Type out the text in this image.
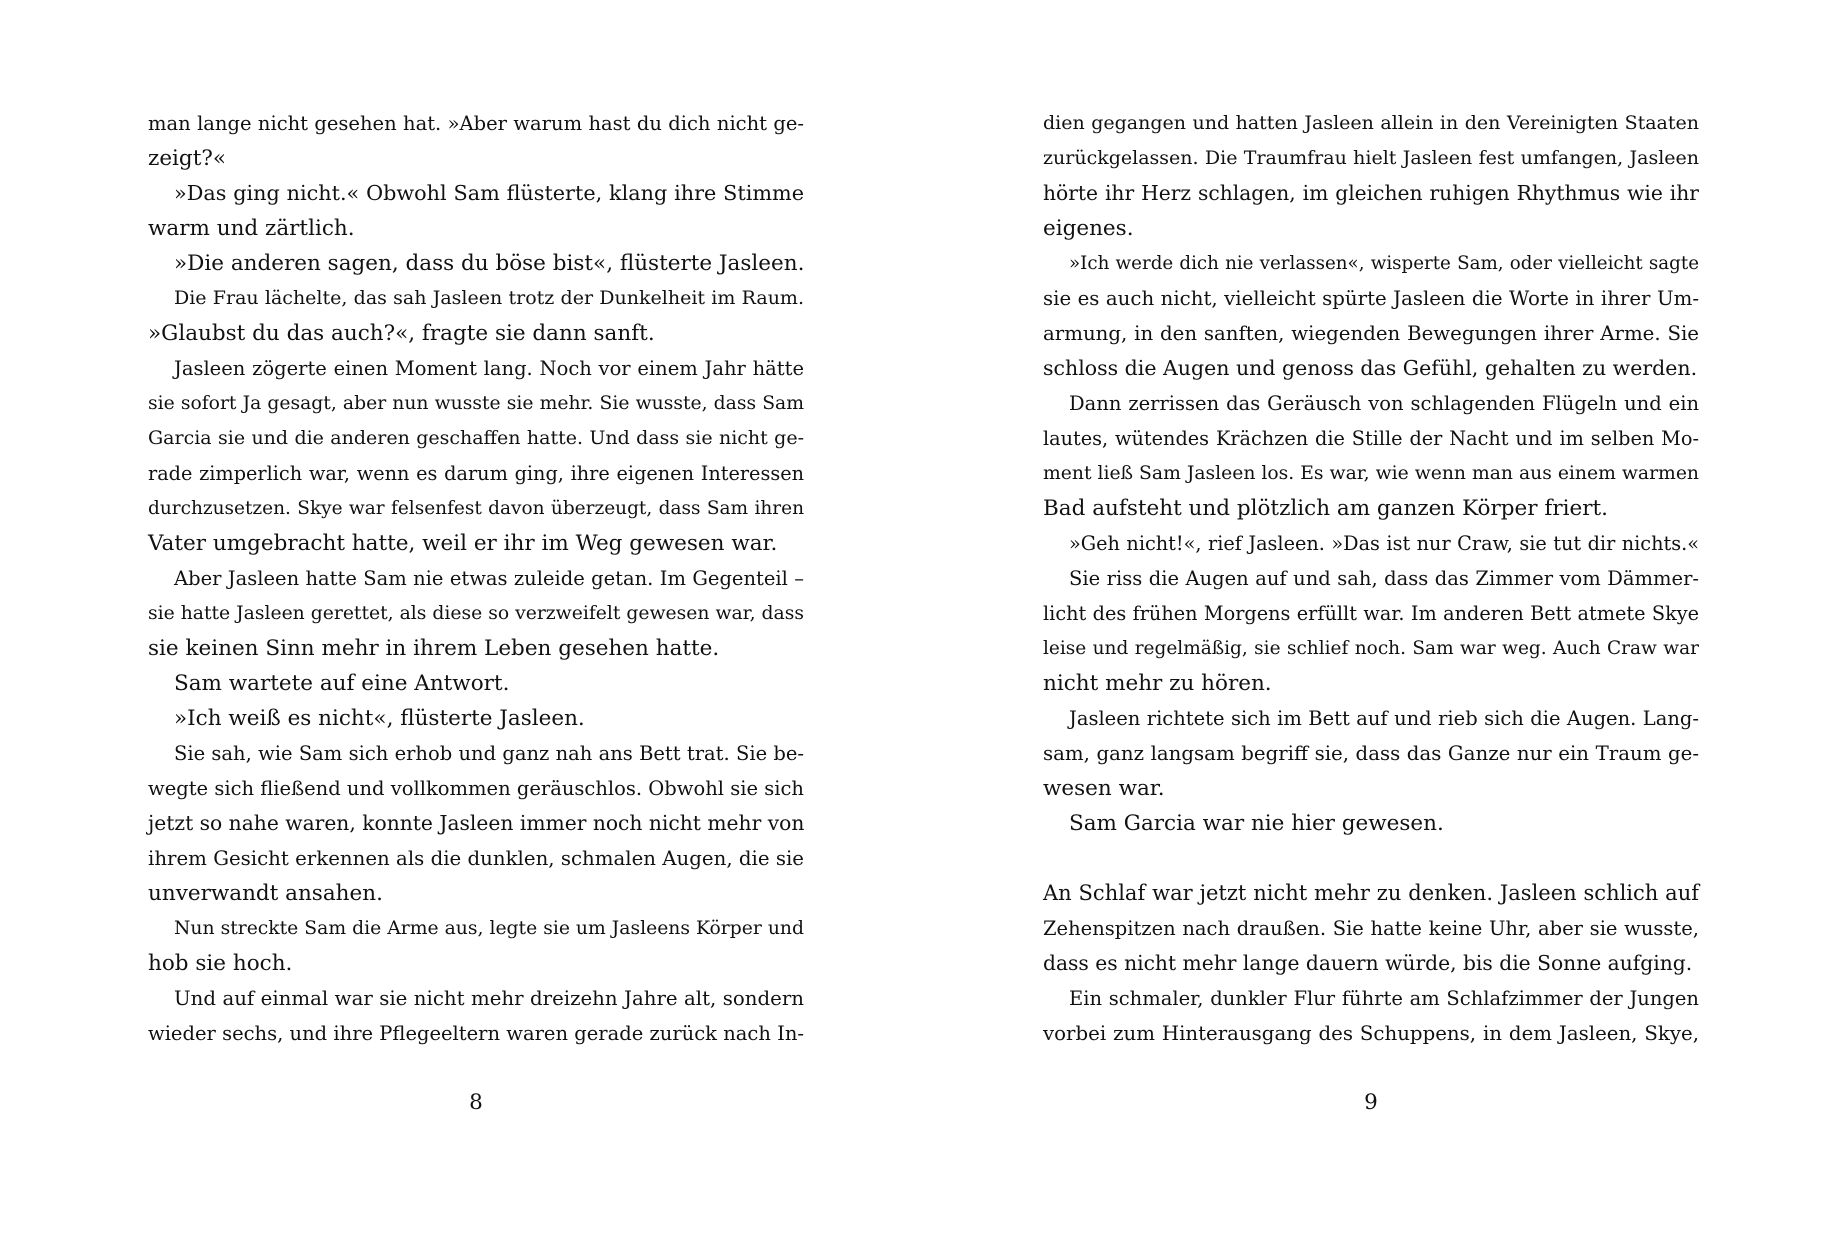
man lange nicht gesehen hat. »Aber warum hast du dich nicht ge-
zeigt?«
»Das ging nicht.« Obwohl Sam flüsterte, klang ihre Stimme
warm und zärtlich.
»Die anderen sagen, dass du böse bist«, flüsterte Jasleen.
Die Frau lächelte, das sah Jasleen trotz der Dunkelheit im Raum.
»Glaubst du das auch?«, fragte sie dann sanft.
Jasleen zögerte einen Moment lang. Noch vor einem Jahr hätte
sie sofort Ja gesagt, aber nun wusste sie mehr. Sie wusste, dass Sam
Garcia sie und die anderen geschaffen hatte. Und dass sie nicht ge-
rade zimperlich war, wenn es darum ging, ihre eigenen Interessen
durchzusetzen. Skye war felsenfest davon überzeugt, dass Sam ihren
Vater umgebracht hatte, weil er ihr im Weg gewesen war.
Aber Jasleen hatte Sam nie etwas zuleide getan. Im Gegenteil –
sie hatte Jasleen gerettet, als diese so verzweifelt gewesen war, dass
sie keinen Sinn mehr in ihrem Leben gesehen hatte.
Sam wartete auf eine Antwort.
»Ich weiß es nicht«, flüsterte Jasleen.
Sie sah, wie Sam sich erhob und ganz nah ans Bett trat. Sie be-
wegte sich fließend und vollkommen geräuschlos. Obwohl sie sich
jetzt so nahe waren, konnte Jasleen immer noch nicht mehr von
ihrem Gesicht erkennen als die dunklen, schmalen Augen, die sie
unverwandt ansahen.
Nun streckte Sam die Arme aus, legte sie um Jasleens Körper und
hob sie hoch.
Und auf einmal war sie nicht mehr dreizehn Jahre alt, sondern
wieder sechs, und ihre Pflegeeltern waren gerade zurück nach In-
8
dien gegangen und hatten Jasleen allein in den Vereinigten Staaten
zurückgelassen. Die Traumfrau hielt Jasleen fest umfangen, Jasleen
hörte ihr Herz schlagen, im gleichen ruhigen Rhythmus wie ihr
eigenes.
»Ich werde dich nie verlassen«, wisperte Sam, oder vielleicht sagte
sie es auch nicht, vielleicht spürte Jasleen die Worte in ihrer Um-
armung, in den sanften, wiegenden Bewegungen ihrer Arme. Sie
schloss die Augen und genoss das Gefühl, gehalten zu werden.
Dann zerrissen das Geräusch von schlagenden Flügeln und ein
lautes, wütendes Krächzen die Stille der Nacht und im selben Mo-
ment ließ Sam Jasleen los. Es war, wie wenn man aus einem warmen
Bad aufsteht und plötzlich am ganzen Körper friert.
»Geh nicht!«, rief Jasleen. »Das ist nur Craw, sie tut dir nichts.«
Sie riss die Augen auf und sah, dass das Zimmer vom Dämmer-
licht des frühen Morgens erfüllt war. Im anderen Bett atmete Skye
leise und regelmäßig, sie schlief noch. Sam war weg. Auch Craw war
nicht mehr zu hören.
Jasleen richtete sich im Bett auf und rieb sich die Augen. Lang-
sam, ganz langsam begriff sie, dass das Ganze nur ein Traum ge-
wesen war.
Sam Garcia war nie hier gewesen.
An Schlaf war jetzt nicht mehr zu denken. Jasleen schlich auf
Zehenspitzen nach draußen. Sie hatte keine Uhr, aber sie wusste,
dass es nicht mehr lange dauern würde, bis die Sonne aufging.
Ein schmaler, dunkler Flur führte am Schlafzimmer der Jungen
vorbei zum Hinterausgang des Schuppens, in dem Jasleen, Skye,
9
